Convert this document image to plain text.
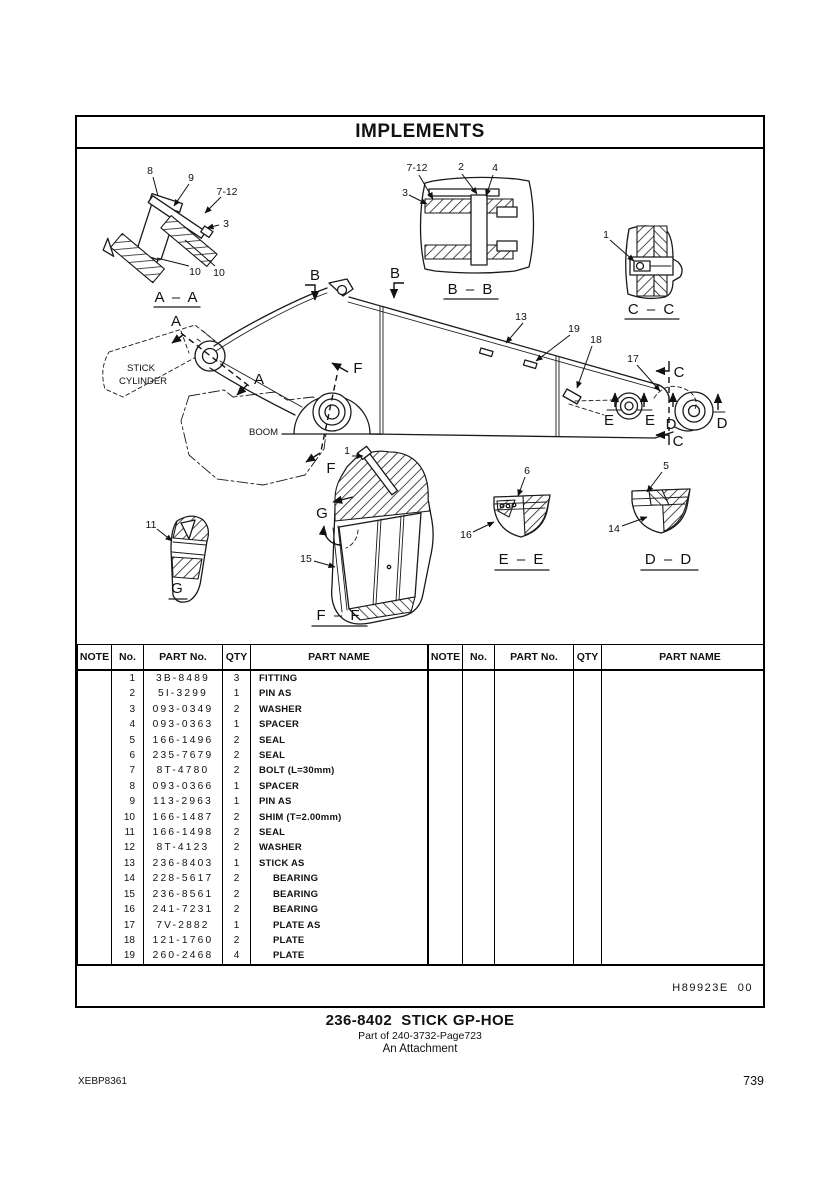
IMPLEMENTS
8
9
7-12
3
10 10
A – A
7-12	2	4
3
B – B
1
C – C
STICK
CYLINDER
BOOM
A
A
B	B
F
F
E E
C
C
D	D
13
19
18
17
11
G
G
1
15
F – F
6
16
E – E
5
14
D – D
NOTE	No.	PART No.	QTY	PART NAME
	1	3B-8489	3	FITTING
	2	5I-3299	1	PIN AS
	3	093-0349	2	WASHER
	4	093-0363	1	SPACER
	5	166-1496	2	SEAL
	6	235-7679	2	SEAL
	7	8T-4780	2	BOLT (L=30mm)
	8	093-0366	1	SPACER
	9	113-2963	1	PIN AS
	10	166-1487	2	SHIM (T=2.00mm)
	11	166-1498	2	SEAL
	12	8T-4123	2	WASHER
	13	236-8403	1	STICK AS
	14	228-5617	2	BEARING
	15	236-8561	2	BEARING
	16	241-7231	2	BEARING
	17	7V-2882	1	PLATE AS
	18	121-1760	2	PLATE
	19	260-2468	4	PLATE
NOTE	No.	PART No.	QTY	PART NAME

H89923E  00
236-8402  STICK GP-HOE
Part of 240-3732-Page723
An Attachment
XEBP8361	739
